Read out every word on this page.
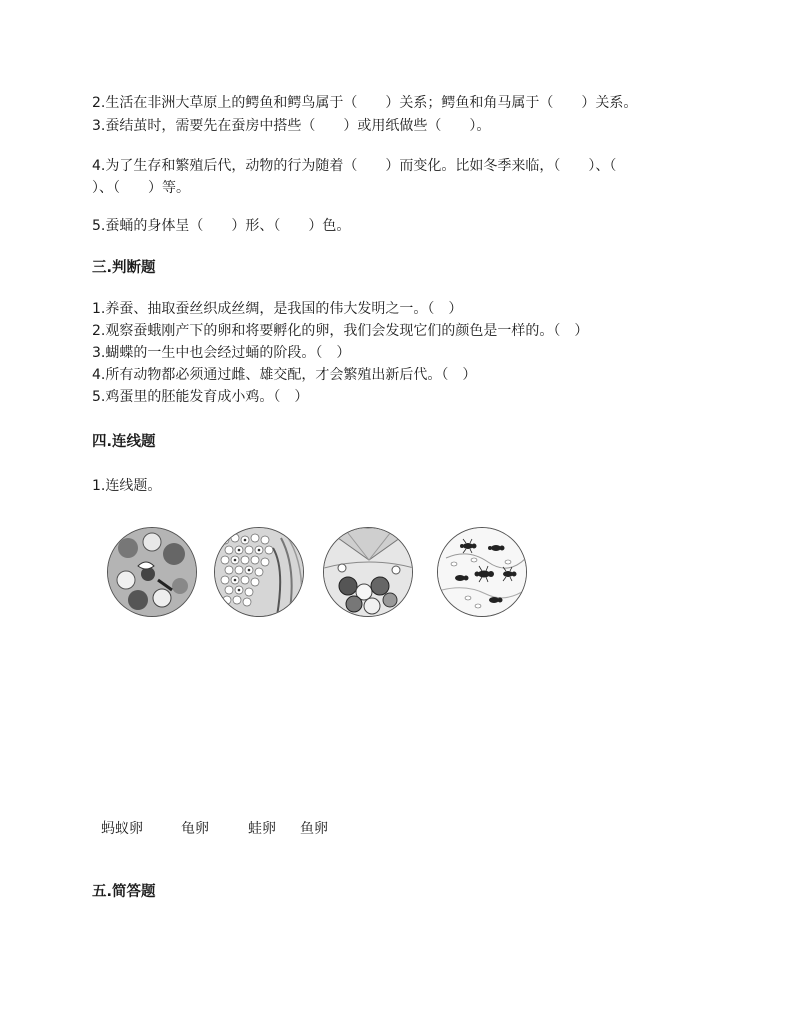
2.生活在非洲大草原上的鳄鱼和鳄鸟属于（　　）关系；鳄鱼和角马属于（　　）关系。
3.蚕结茧时，需要先在蚕房中搭些（　　）或用纸做些（　　）。
4.为了生存和繁殖后代，动物的行为随着（　　）而变化。比如冬季来临，（　　）、（
）、（　　）等。
5.蚕蛹的身体呈（　　）形、（　　）色。
三.判断题
1.养蚕、抽取蚕丝织成丝绸，是我国的伟大发明之一。（　）
2.观察蚕蛾刚产下的卵和将要孵化的卵，我们会发现它们的颜色是一样的。（　）
3.蝴蝶的一生中也会经过蛹的阶段。（　）
4.所有动物都必须通过雌、雄交配，才会繁殖出新后代。（　）
5.鸡蛋里的胚能发育成小鸡。（　）
四.连线题
1.连线题。
蚂蚁卵	龟卵	蛙卵 鱼卵
五.简答题
